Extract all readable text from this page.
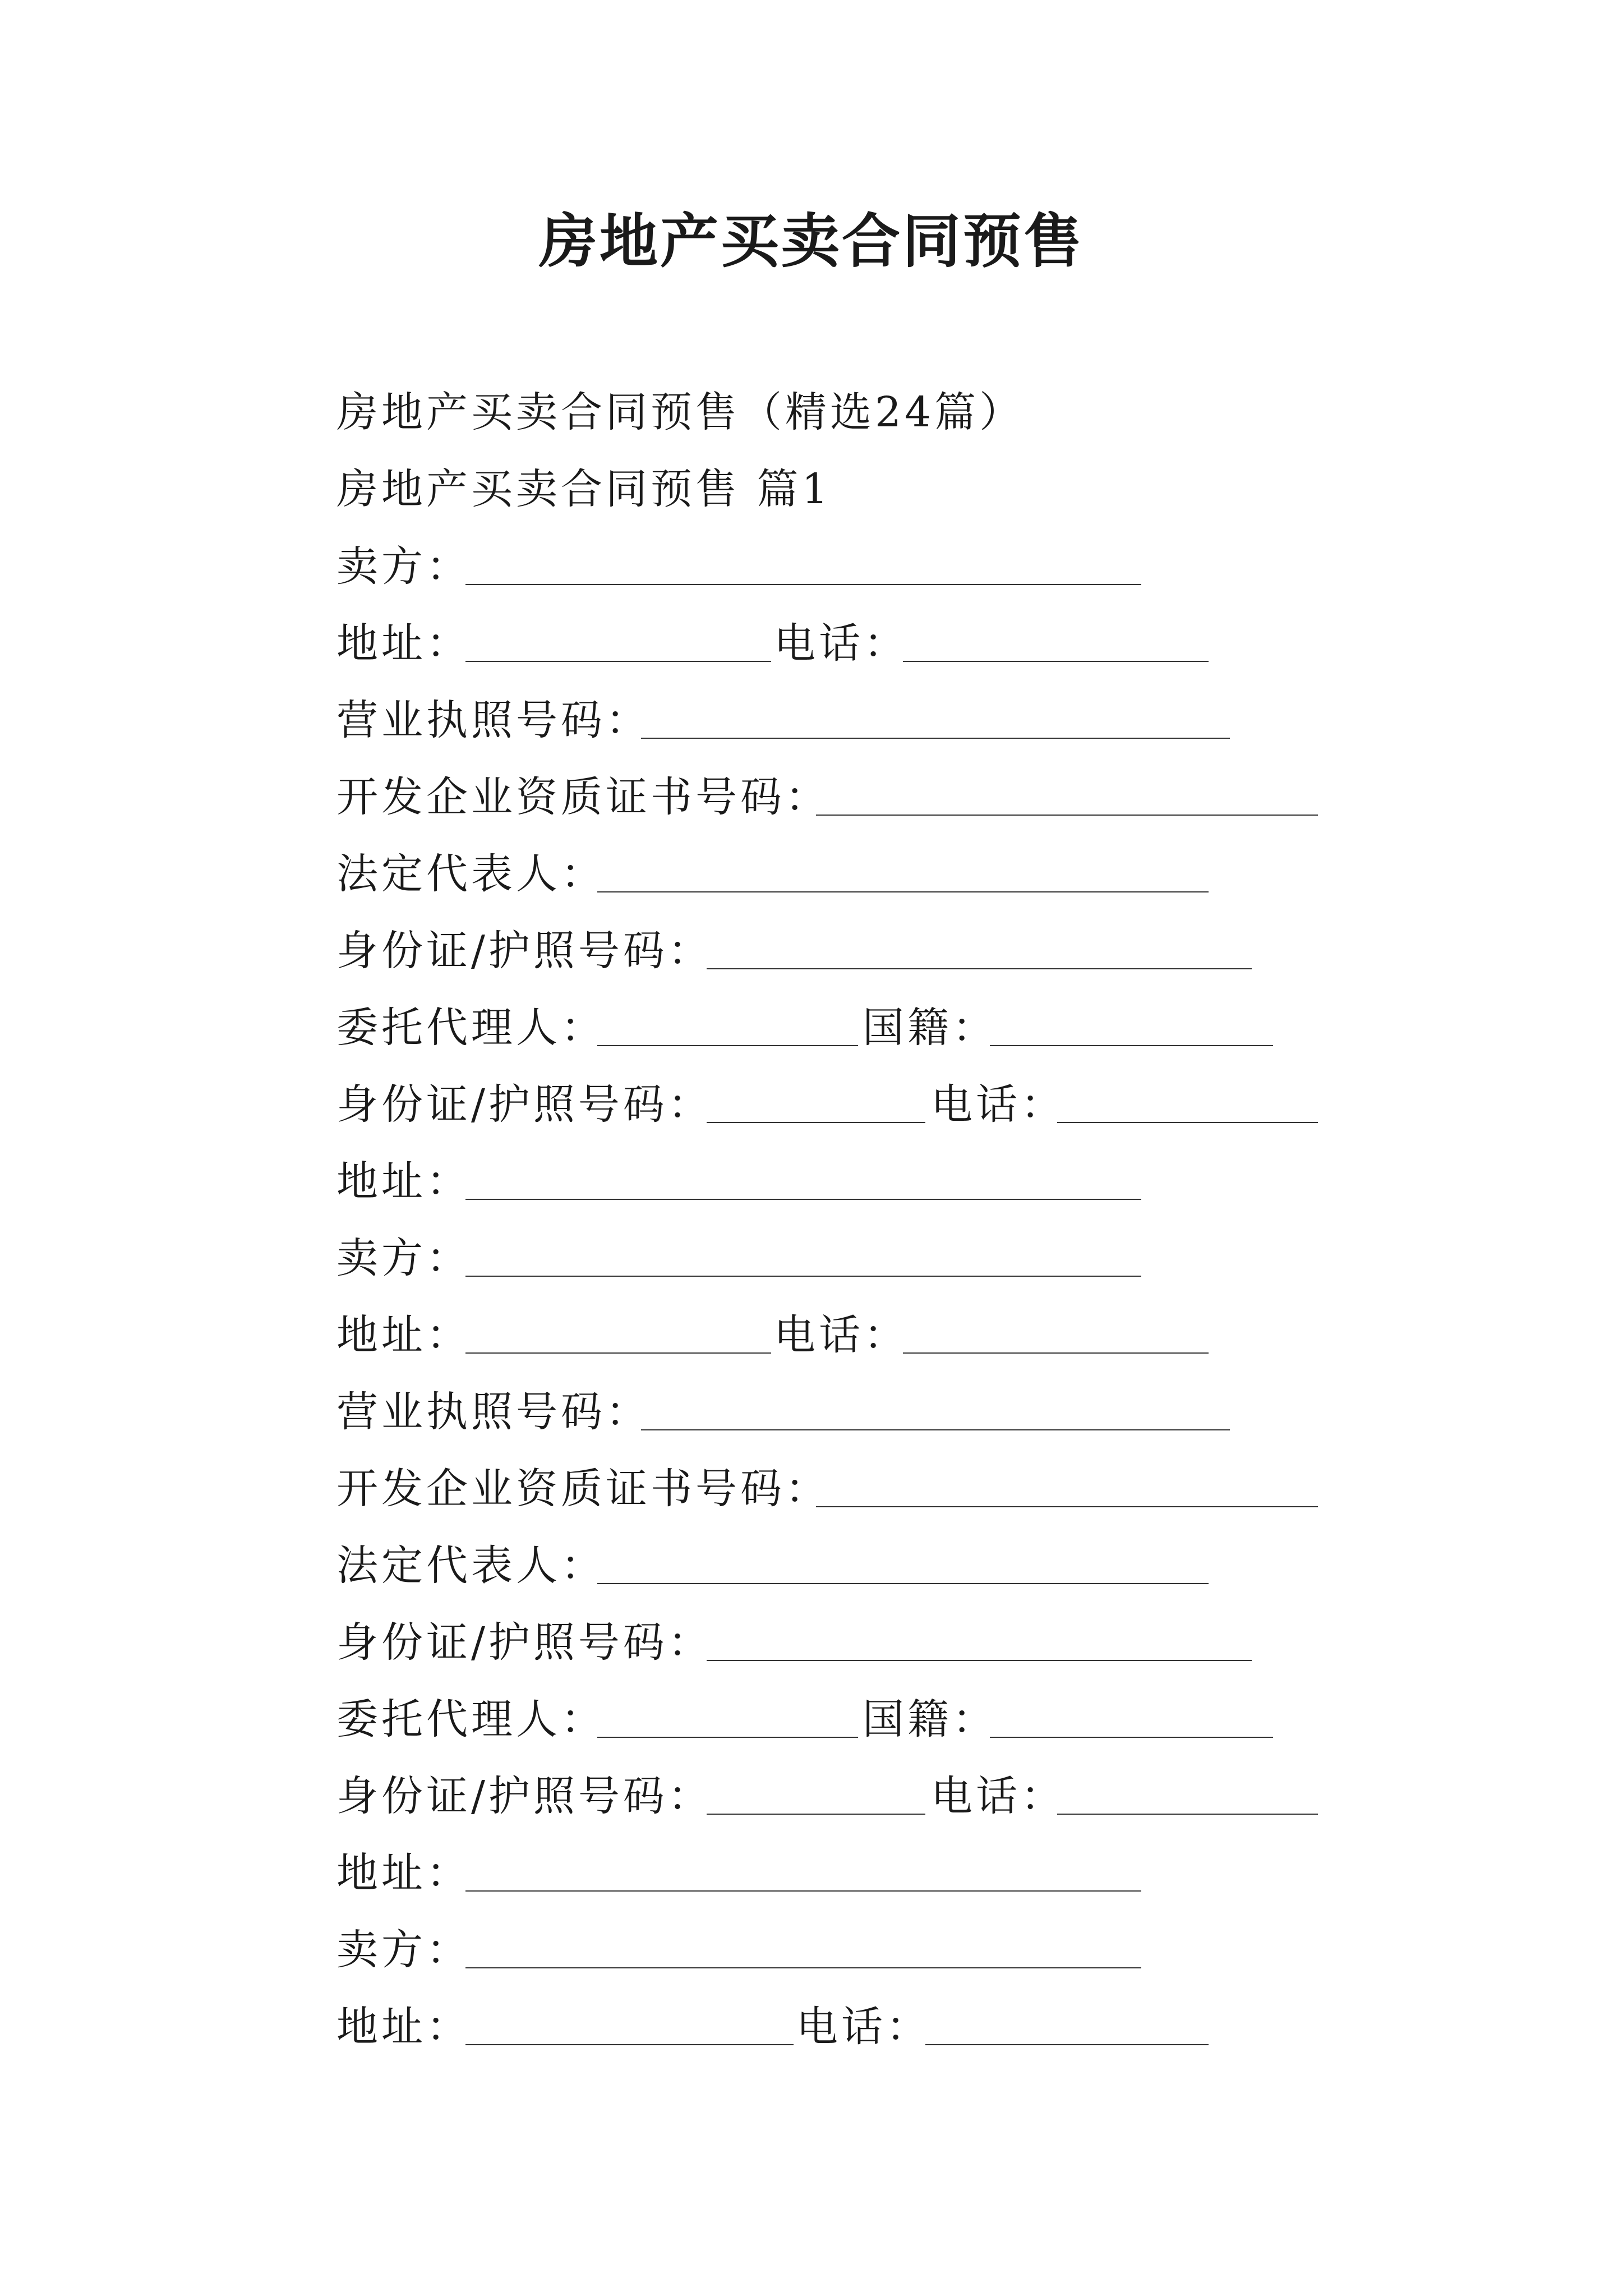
房地产买卖合同预售
房地产买卖合同预售（精选24篇）
房地产买卖合同预售 篇1
卖方：
地址：	电话：
营业执照号码：
开发企业资质证书号码：
法定代表人：
身份证/护照号码：
委托代理人：	国籍：
身份证/护照号码：	电话：
地址：
卖方：
地址：	电话：
营业执照号码：
开发企业资质证书号码：
法定代表人：
身份证/护照号码：
委托代理人：	国籍：
身份证/护照号码：	电话：
地址：
卖方：
地址：	电话：
